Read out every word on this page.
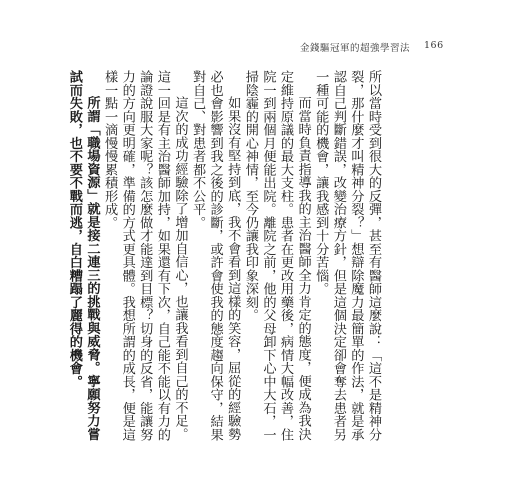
金錢驅冠軍的超強學習法 166

所以當時受到很大的反彈，甚至有醫師這麼說：「這不是精神分裂，那什麼才叫精神分裂？」想辯除魔力最簡單的作法，就是承認自己判斷錯誤，改變治療方針，但是這個決定卻會奪去患者另一種可能的機會，讓我感到十分苦惱。

而當時負責指導我的主治醫師全力肯定的態度，便成為我決定維持原議的最大支柱。患者在更改用藥後，病情大幅改善，住院一到兩個月便能出院。離院之前，他的父母卸下心中大石，一掃陰霾的開心神情，至今仍讓我印象深刻。

如果沒有堅持到底，我不會看到這樣的笑容，屈從的經驗勢必也會影響到我之後的診斷，或許會使我的態度趨向保守，結果對自己、對患者都不公平。

這次的成功經驗除了增加自信心，也讓我看到自己的不足。這一回是有主治醫師加持，如果還有下次，自己能不能以有力的論證說服大家呢？該怎麼做才能達到目標？切身的反省，能讓努力的方向更明確，準備的方式更具體。我想所謂的成長，便是這樣一點一滴慢慢累積形成。

所謂「職場資源」就是接二連三的挑戰與威脅。寧願努力嘗試而失敗，也不要不戰而逃，自白糟蹋了麗得的機會。
